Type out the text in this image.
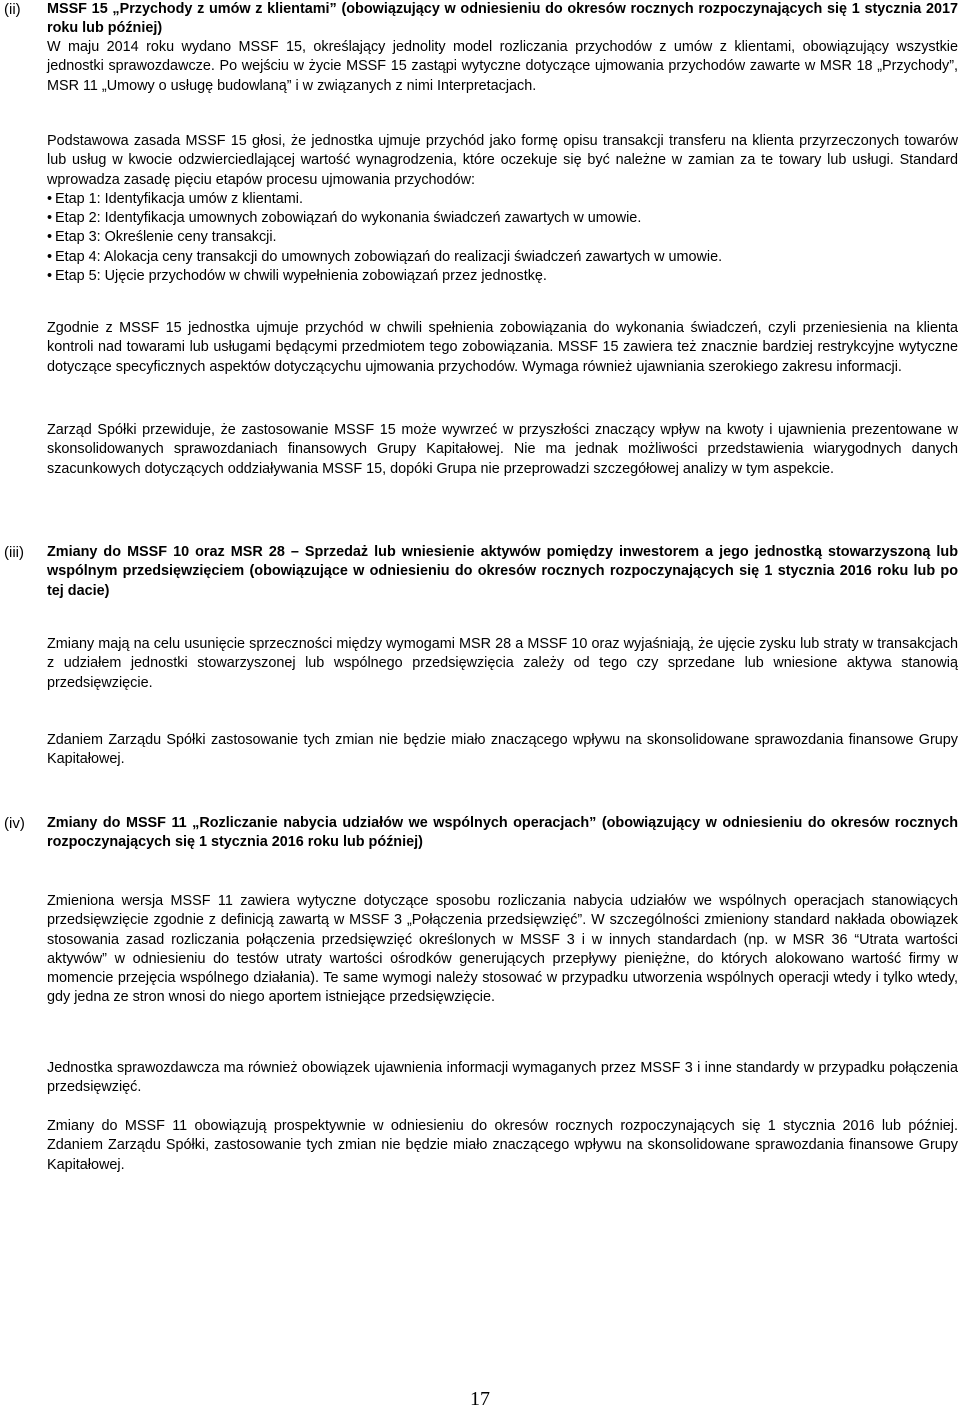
(ii) MSSF 15 „Przychody z umów z klientami” (obowiązujący w odniesieniu do okresów rocznych rozpoczynających się 1 stycznia 2017 roku lub później)

W maju 2014 roku wydano MSSF 15, określający jednolity model rozliczania przychodów z umów z klientami, obowiązujący wszystkie jednostki sprawozdawcze. Po wejściu w życie MSSF 15 zastąpi wytyczne dotyczące ujmowania przychodów zawarte w MSR 18 „Przychody”, MSR 11 „Umowy o usługę budowlaną” i w związanych z nimi Interpretacjach.

Podstawowa zasada MSSF 15 głosi, że jednostka ujmuje przychód jako formę opisu transakcji transferu na klienta przyrzeczonych towarów lub usług w kwocie odzwierciedlającej wartość wynagrodzenia, które oczekuje się być należne w zamian za te towary lub usługi. Standard wprowadza zasadę pięciu etapów procesu ujmowania przychodów:

• Etap 1: Identyfikacja umów z klientami.
• Etap 2: Identyfikacja umownych zobowiązań do wykonania świadczeń zawartych w umowie.
• Etap 3: Określenie ceny transakcji.
• Etap 4: Alokacja ceny transakcji do umownych zobowiązań do realizacji świadczeń zawartych w umowie.
• Etap 5: Ujęcie przychodów w chwili wypełnienia zobowiązań przez jednostkę.

Zgodnie z MSSF 15 jednostka ujmuje przychód w chwili spełnienia zobowiązania do wykonania świadczeń, czyli przeniesienia na klienta kontroli nad towarami lub usługami będącymi przedmiotem tego zobowiązania. MSSF 15 zawiera też znacznie bardziej restrykcyjne wytyczne dotyczące specyficznych aspektów dotyczącychu ujmowania przychodów. Wymaga również ujawniania szerokiego zakresu informacji.

Zarząd Spółki przewiduje, że zastosowanie MSSF 15 może wywrzeć w przyszłości znaczący wpływ na kwoty i ujawnienia prezentowane w skonsolidowanych sprawozdaniach finansowych Grupy Kapitałowej. Nie ma jednak możliwości przedstawienia wiarygodnych danych szacunkowych dotyczących oddziaływania MSSF 15, dopóki Grupa nie przeprowadzi szczegółowej analizy w tym aspekcie.

(iii) Zmiany do MSSF 10 oraz MSR 28 – Sprzedaż lub wniesienie aktywów pomiędzy inwestorem a jego jednostką stowarzyszoną lub wspólnym przedsięwzięciem (obowiązujące w odniesieniu do okresów rocznych rozpoczynających się 1 stycznia 2016 roku lub po tej dacie)

Zmiany mają na celu usunięcie sprzeczności między wymogami MSR 28 a MSSF 10 oraz wyjaśniają, że ujęcie zysku lub straty w transakcjach z udziałem jednostki stowarzyszonej lub wspólnego przedsięwzięcia zależy od tego czy sprzedane lub wniesione aktywa stanowią przedsięwzięcie.

Zdaniem Zarządu Spółki zastosowanie tych zmian nie będzie miało znaczącego wpływu na skonsolidowane sprawozdania finansowe Grupy Kapitałowej.

(iv) Zmiany do MSSF 11 „Rozliczanie nabycia udziałów we wspólnych operacjach” (obowiązujący w odniesieniu do okresów rocznych rozpoczynających się 1 stycznia 2016 roku lub później)

Zmieniona wersja MSSF 11 zawiera wytyczne dotyczące sposobu rozliczania nabycia udziałów we wspólnych operacjach stanowiących przedsięwzięcie zgodnie z definicją zawartą w MSSF 3 „Połączenia przedsięwzięć”. W szczególności zmieniony standard nakłada obowiązek stosowania zasad rozliczania połączenia przedsięwzięć określonych w MSSF 3 i w innych standardach (np. w MSR 36 “Utrata wartości aktywów” w odniesieniu do testów utraty wartości ośrodków generujących przepływy pieniężne, do których alokowano wartość firmy w momencie przejęcia wspólnego działania). Te same wymogi należy stosować w przypadku utworzenia wspólnych operacji wtedy i tylko wtedy, gdy jedna ze stron wnosi do niego aportem istniejące przedsięwzięcie.

Jednostka sprawozdawcza ma również obowiązek ujawnienia informacji wymaganych przez MSSF 3 i inne standardy w przypadku połączenia przedsięwzięć.

Zmiany do MSSF 11 obowiązują prospektywnie w odniesieniu do okresów rocznych rozpoczynających się 1 stycznia 2016 lub później. Zdaniem Zarządu Spółki, zastosowanie tych zmian nie będzie miało znaczącego wpływu na skonsolidowane sprawozdania finansowe Grupy Kapitałowej.

17
